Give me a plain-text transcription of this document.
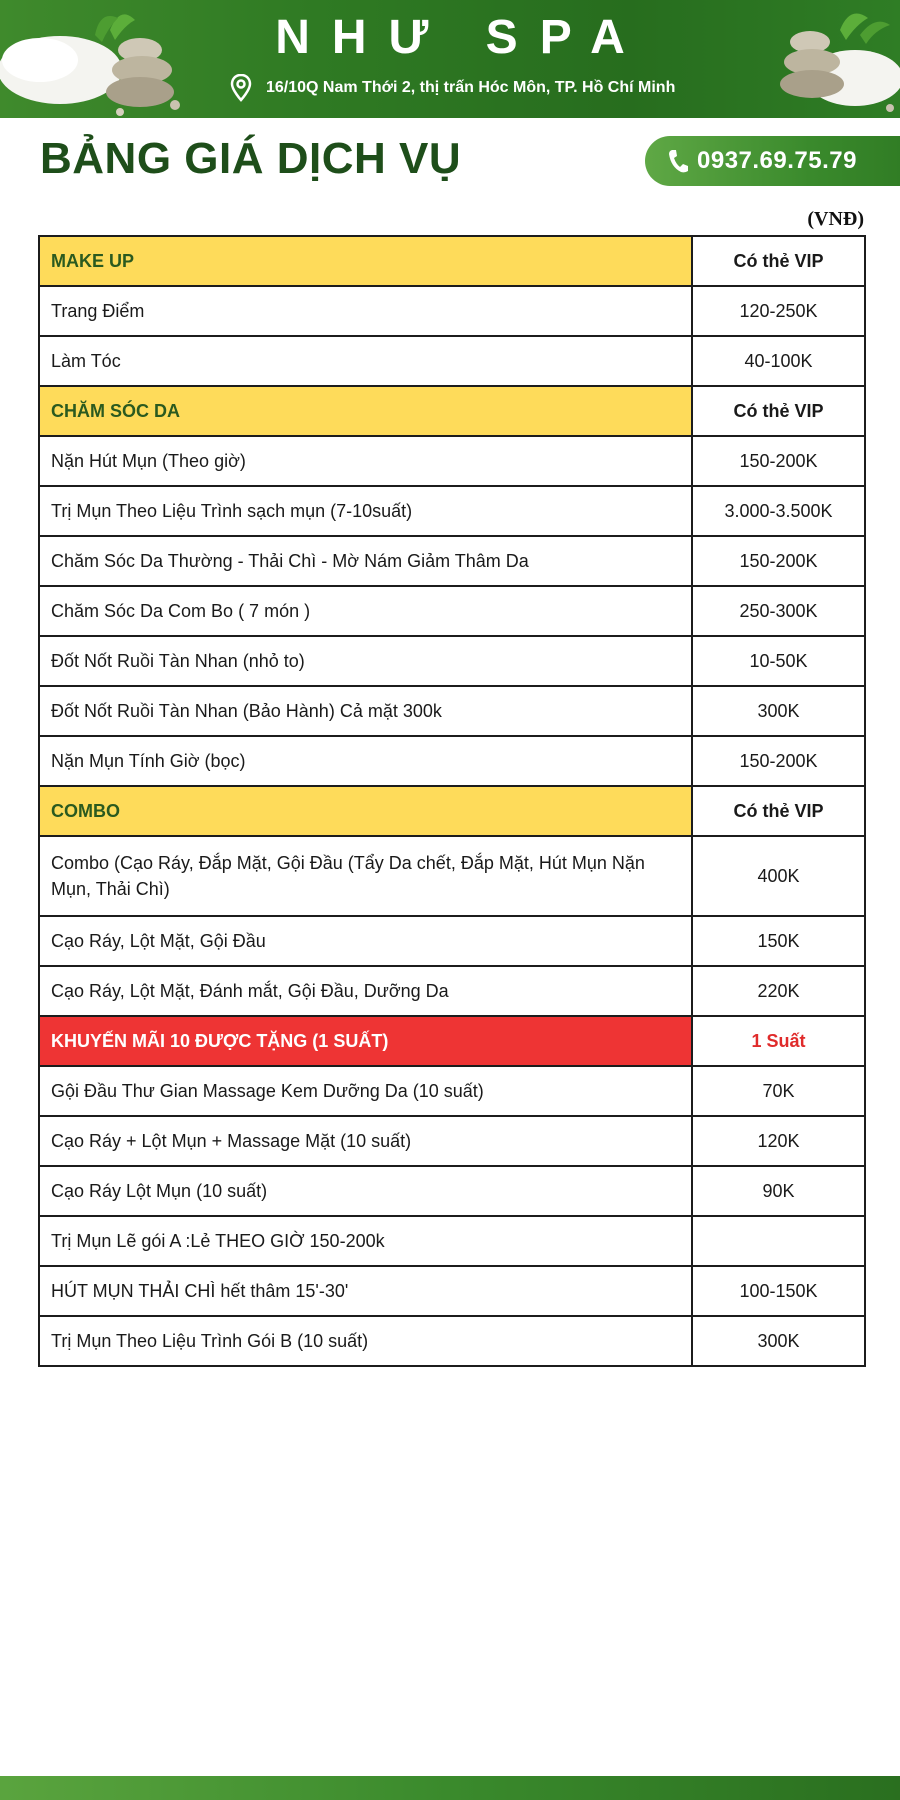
NHƯ SPA
16/10Q Nam Thới 2, thị trấn Hóc Môn, TP. Hồ Chí Minh
BẢNG GIÁ DỊCH VỤ	0937.69.75.79
(VNĐ)
MAKE UP	Có thẻ VIP
Trang Điểm	120-250K
Làm Tóc	40-100K
CHĂM SÓC DA	Có thẻ VIP
Nặn Hút Mụn (Theo giờ)	150-200K
Trị Mụn Theo Liệu Trình sạch mụn (7-10suất)	3.000-3.500K
Chăm Sóc Da Thường - Thải Chì - Mờ Nám Giảm Thâm Da	150-200K
Chăm Sóc Da Com Bo ( 7 món )	250-300K
Đốt Nốt Ruồi Tàn Nhan (nhỏ to)	10-50K
Đốt Nốt Ruồi Tàn Nhan (Bảo Hành) Cả mặt 300k	300K
Nặn Mụn Tính Giờ (bọc)	150-200K
COMBO	Có thẻ VIP
Combo (Cạo Ráy, Đắp Mặt, Gội Đầu (Tẩy Da chết, Đắp Mặt, Hút Mụn Nặn Mụn, Thải Chì)	400K
Cạo Ráy, Lột Mặt, Gội Đầu	150K
Cạo Ráy, Lột Mặt, Đánh mắt, Gội Đầu, Dưỡng Da	220K
KHUYẾN MÃI 10 ĐƯỢC TẶNG (1 SUẤT)	1 Suất
Gội Đầu Thư Gian Massage Kem Dưỡng Da (10 suất)	70K
Cạo Ráy + Lột Mụn + Massage Mặt (10 suất)	120K
Cạo Ráy Lột Mụn (10 suất)	90K
Trị Mụn Lẽ gói A :Lẻ THEO GIỜ 150-200k	
HÚT MỤN THẢI CHÌ hết thâm 15'-30'	100-150K
Trị Mụn Theo Liệu Trình Gói B (10 suất)	300K
